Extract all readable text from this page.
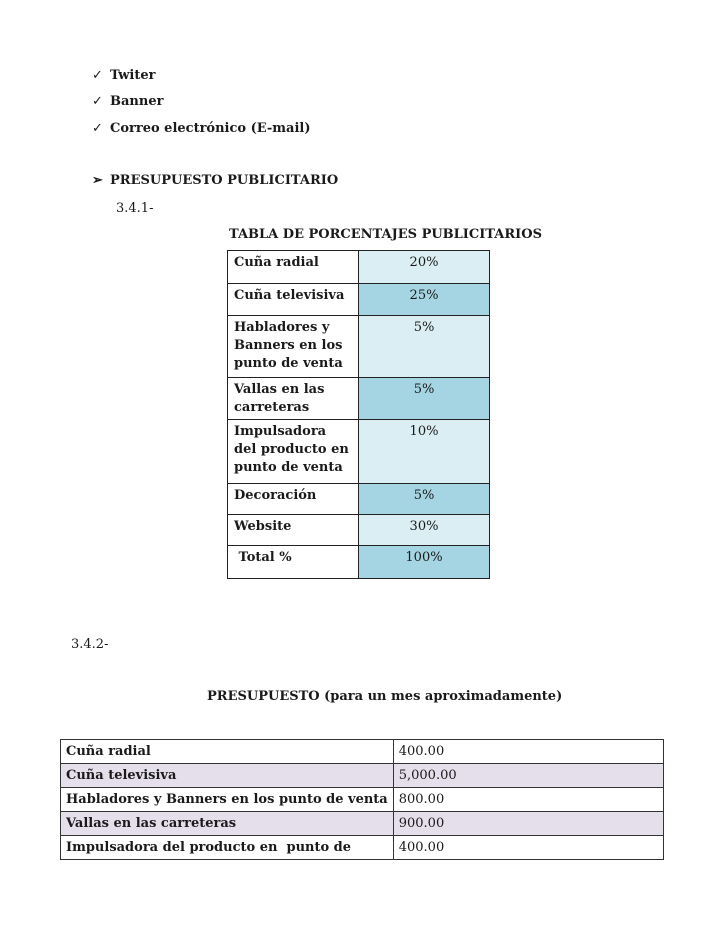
✓ Twiter
✓ Banner
✓ Correo electrónico (E-mail)
➢ PRESUPUESTO PUBLICITARIO
3.4.1-
TABLA DE PORCENTAJES PUBLICITARIOS
Cuña radial	20%
Cuña televisiva	25%
Habladores y Banners en los punto de venta	5%
Vallas en las carreteras	5%
Impulsadora del producto en punto de venta	10%
Decoración	5%
Website	30%
Total %	100%
3.4.2-
PRESUPUESTO (para un mes aproximadamente)
Cuña radial	400.00
Cuña televisiva	5,000.00
Habladores y Banners en los punto de venta	800.00
Vallas en las carreteras	900.00
Impulsadora del producto en  punto de	400.00
